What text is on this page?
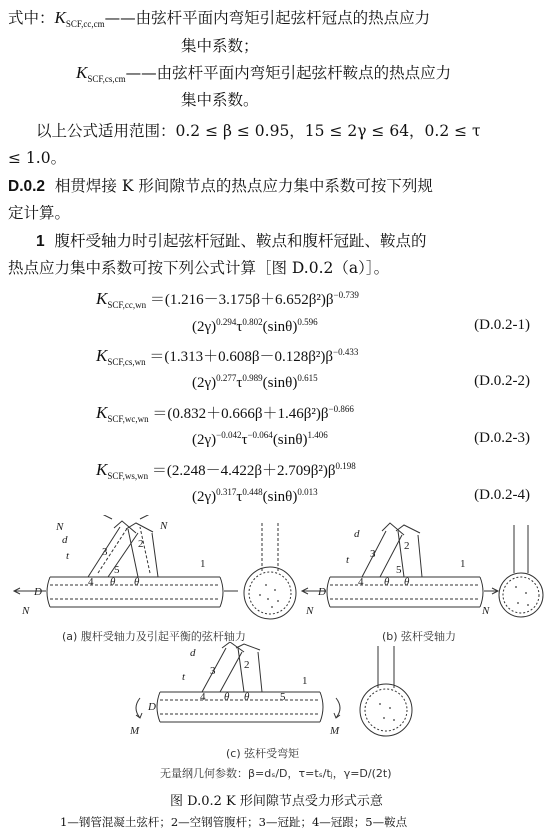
式中：$K_{SCF,cc,cm}——$由弦杆平面内弯矩引起弦杆冠点的热点应力
集中系数；
$K_{SCF,cs,cm}——$由弦杆平面内弯矩引起弦杆鞍点的热点应力
集中系数。
以上公式适用范围：0.2 ≤ β ≤ 0.95，15 ≤ 2γ ≤ 64，0.2 ≤ τ
≤ 1.0。
D.0.2 相贯焊接 K 形间隙节点的热点应力集中系数可按下列规
定计算。
1 腹杆受轴力时引起弦杆冠趾、鞍点和腹杆冠趾、鞍点的
热点应力集中系数可按下列公式计算［图 D.0.2（a）］。
$K_{SCF,cc,wn} =(1.216-3.175\beta+6.652\beta^2)\beta^{-0.739}$
$(2\gamma)^{0.294}\tau^{0.802}(\sin\theta)^{0.596}$	(D.0.2-1)
$K_{SCF,cs,wn} =(1.313+0.608\beta-0.128\beta^2)\beta^{-0.433}$
$(2\gamma)^{0.277}\tau^{0.989}(\sin\theta)^{0.615}$	(D.0.2-2)
$K_{SCF,wc,wn} =(0.832+0.666\beta+1.46\beta^2)\beta^{-0.866}$
$(2\gamma)^{-0.042}\tau^{-0.064}(\sin\theta)^{1.406}$	(D.0.2-3)
$K_{SCF,ws,wn} =(2.248-4.422\beta+2.709\beta^2)\beta^{0.198}$
$(2\gamma)^{0.317}\tau^{0.448}(\sin\theta)^{0.013}$	(D.0.2-4)
N	N
d
t
D
N
θ θ
1
2
3
4
5
d
t
D
N	N
θ θ
1
2
3
4
5
(a) 腹杆受轴力及引起平衡的弦杆轴力	(b) 弦杆受轴力
d
t
D
M	M
θ θ
1
2
3
4	5
(c) 弦杆受弯矩
无量纲几何参数：β=dₛ/D，τ=tₛ/tⱼ，γ=D/(2t)
图 D.0.2 K 形间隙节点受力形式示意
1—钢管混凝土弦杆；2—空钢管腹杆；3—冠趾；4—冠跟；5—鞍点
